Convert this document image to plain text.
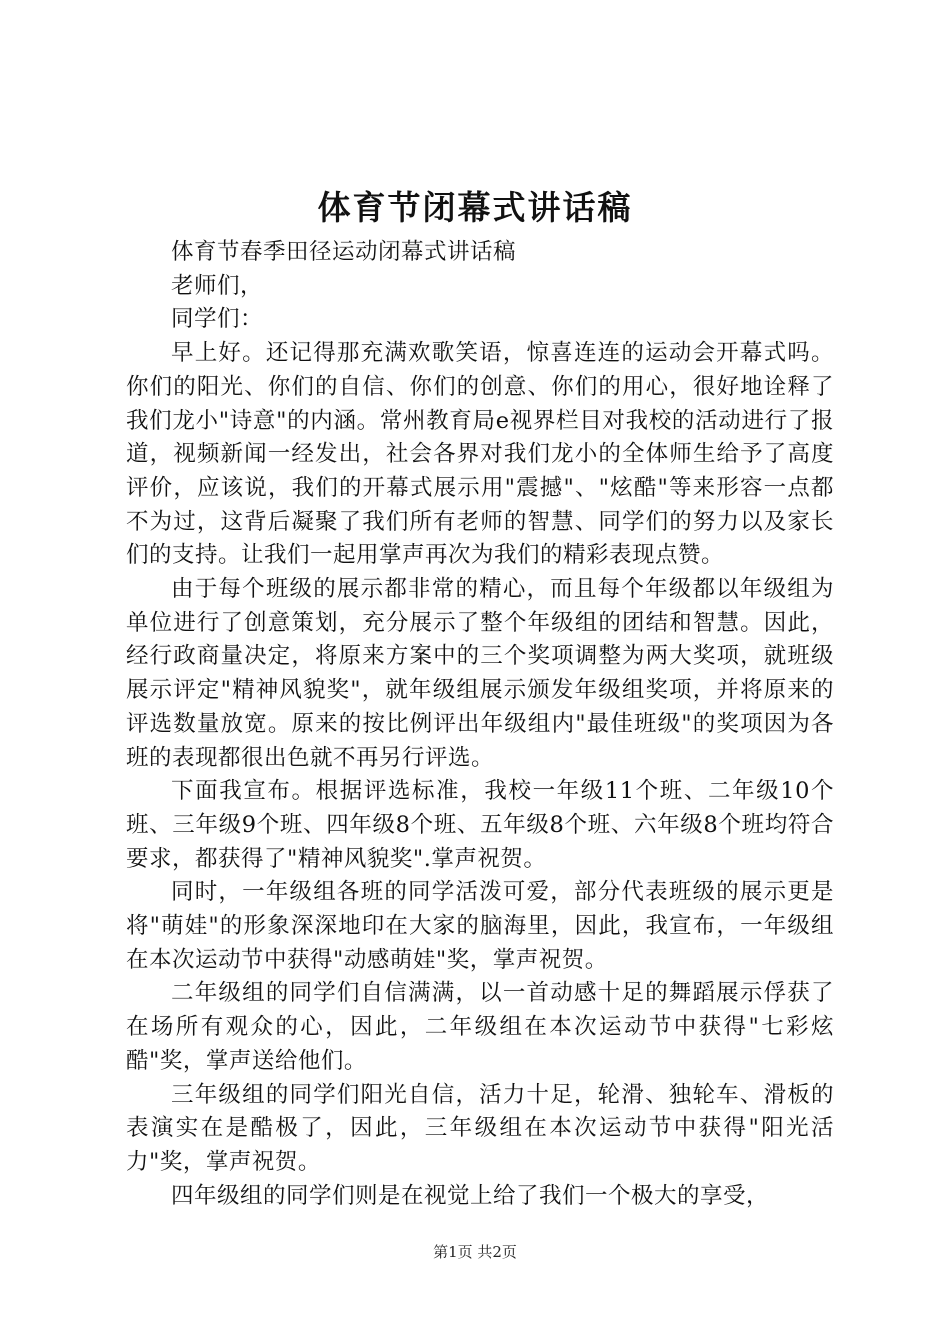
体育节闭幕式讲话稿

体育节春季田径运动闭幕式讲话稿

老师们，

同学们：

早上好。还记得那充满欢歌笑语，惊喜连连的运动会开幕式吗。你们的阳光、你们的自信、你们的创意、你们的用心，很好地诠释了我们龙小"诗意"的内涵。常州教育局e视界栏目对我校的活动进行了报道，视频新闻一经发出，社会各界对我们龙小的全体师生给予了高度评价，应该说，我们的开幕式展示用"震撼"、"炫酷"等来形容一点都不为过，这背后凝聚了我们所有老师的智慧、同学们的努力以及家长们的支持。让我们一起用掌声再次为我们的精彩表现点赞。

由于每个班级的展示都非常的精心，而且每个年级都以年级组为单位进行了创意策划，充分展示了整个年级组的团结和智慧。因此，经行政商量决定，将原来方案中的三个奖项调整为两大奖项，就班级展示评定"精神风貌奖"，就年级组展示颁发年级组奖项，并将原来的评选数量放宽。原来的按比例评出年级组内"最佳班级"的奖项因为各班的表现都很出色就不再另行评选。

下面我宣布。根据评选标准，我校一年级11个班、二年级10个班、三年级9个班、四年级8个班、五年级8个班、六年级8个班均符合要求，都获得了"精神风貌奖".掌声祝贺。

同时，一年级组各班的同学活泼可爱，部分代表班级的展示更是将"萌娃"的形象深深地印在大家的脑海里，因此，我宣布，一年级组在本次运动节中获得"动感萌娃"奖，掌声祝贺。

二年级组的同学们自信满满，以一首动感十足的舞蹈展示俘获了在场所有观众的心，因此，二年级组在本次运动节中获得"七彩炫酷"奖，掌声送给他们。

三年级组的同学们阳光自信，活力十足，轮滑、独轮车、滑板的表演实在是酷极了，因此，三年级组在本次运动节中获得"阳光活力"奖，掌声祝贺。

四年级组的同学们则是在视觉上给了我们一个极大的享受，

第1页 共2页
